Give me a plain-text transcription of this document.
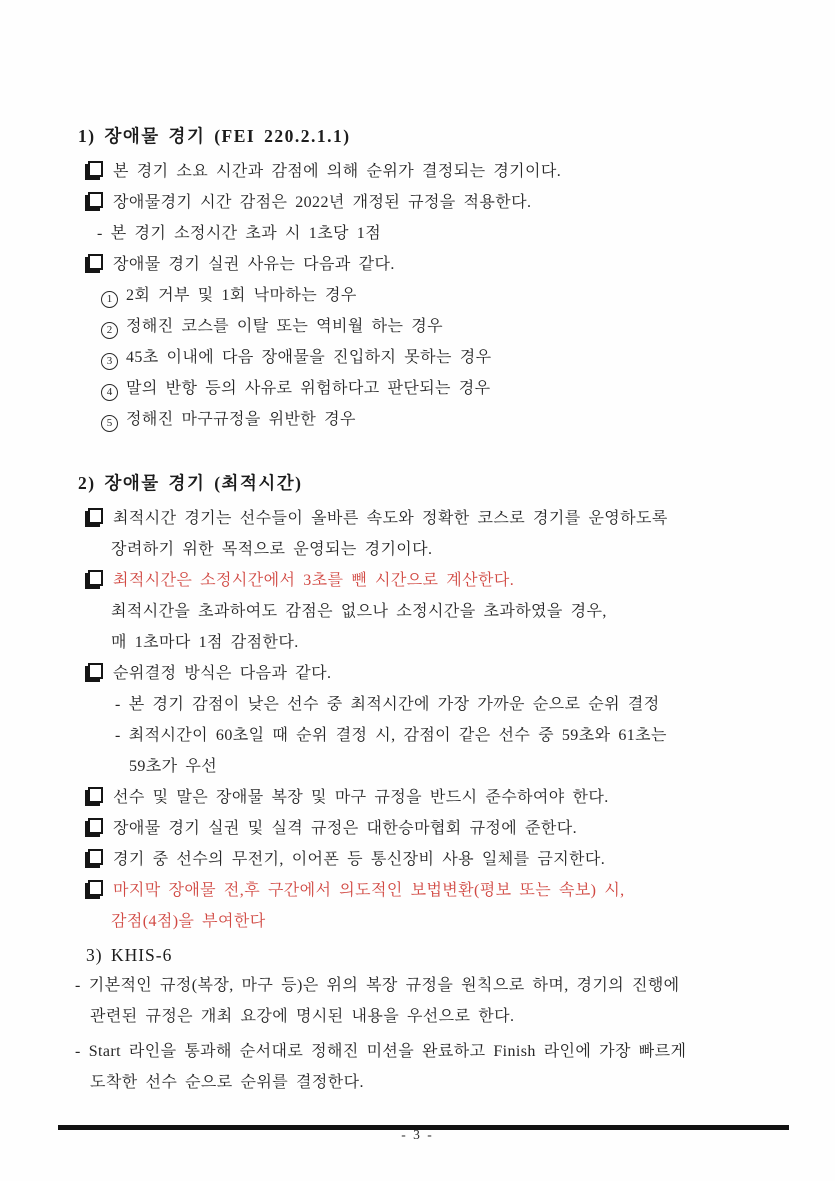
1) 장애물 경기 (FEI 220.2.1.1)
본 경기 소요 시간과 감점에 의해 순위가 결정되는 경기이다.
장애물경기 시간 감점은 2022년 개정된 규정을 적용한다.
- 본 경기 소정시간 초과 시 1초당 1점
장애물 경기 실권 사유는 다음과 같다.
1 2회 거부 및 1회 낙마하는 경우
2 정해진 코스를 이탈 또는 역비월 하는 경우
3 45초 이내에 다음 장애물을 진입하지 못하는 경우
4 말의 반항 등의 사유로 위험하다고 판단되는 경우
5 정해진 마구규정을 위반한 경우
2) 장애물 경기 (최적시간)
최적시간 경기는 선수들이 올바른 속도와 정확한 코스로 경기를 운영하도록
장려하기 위한 목적으로 운영되는 경기이다.
최적시간은 소정시간에서 3초를 뺀 시간으로 계산한다.
최적시간을 초과하여도 감점은 없으나 소정시간을 초과하였을 경우,
매 1초마다 1점 감점한다.
순위결정 방식은 다음과 같다.
- 본 경기 감점이 낮은 선수 중 최적시간에 가장 가까운 순으로 순위 결정
- 최적시간이 60초일 때 순위 결정 시, 감점이 같은 선수 중 59초와 61초는
59초가 우선
선수 및 말은 장애물 복장 및 마구 규정을 반드시 준수하여야 한다.
장애물 경기 실권 및 실격 규정은 대한승마협회 규정에 준한다.
경기 중 선수의 무전기, 이어폰 등 통신장비 사용 일체를 금지한다.
마지막 장애물 전,후 구간에서 의도적인 보법변환(평보 또는 속보) 시,
감점(4점)을 부여한다
3) KHIS-6
- 기본적인 규정(복장, 마구 등)은 위의 복장 규정을 원칙으로 하며, 경기의 진행에
관련된 규정은 개최 요강에 명시된 내용을 우선으로 한다.
- Start 라인을 통과해 순서대로 정해진 미션을 완료하고 Finish 라인에 가장 빠르게
도착한 선수 순으로 순위를 결정한다.
- 3 -
